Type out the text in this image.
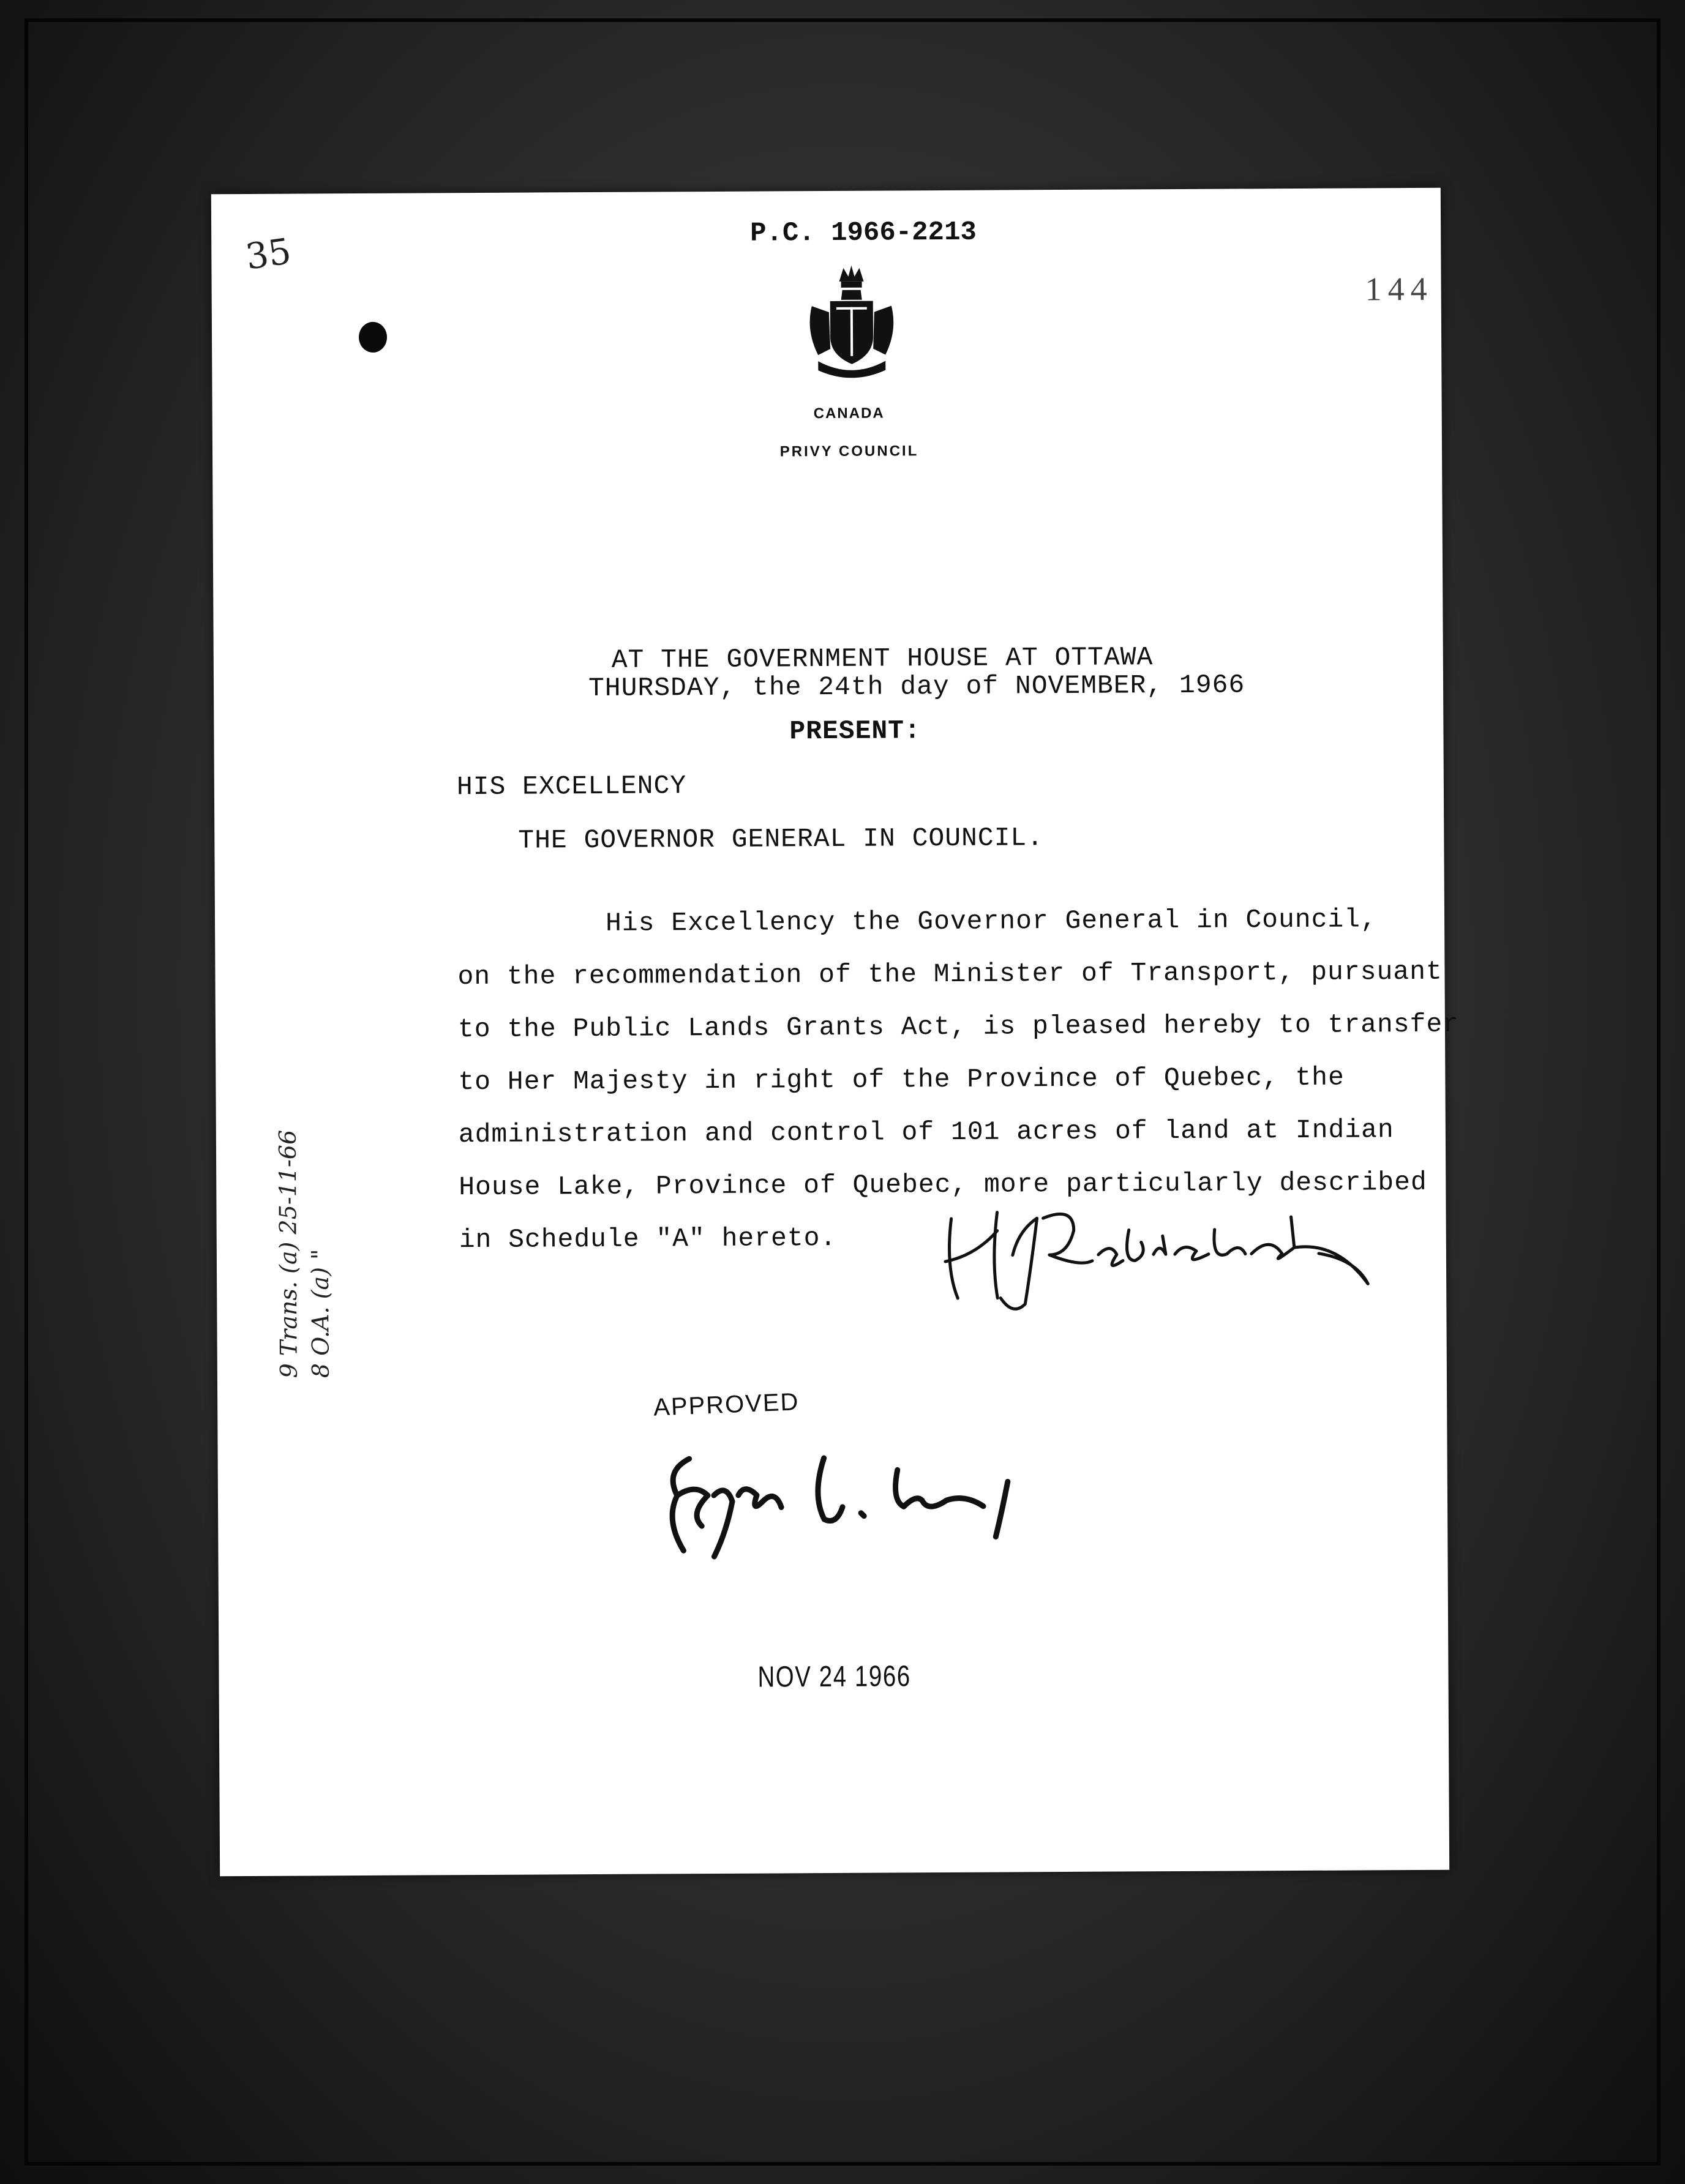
35	P.C. 1966-2213
144
CANADA
PRIVY COUNCIL
AT THE GOVERNMENT HOUSE AT OTTAWA
THURSDAY, the 24th day of NOVEMBER, 1966
PRESENT:
HIS EXCELLENCY
THE GOVERNOR GENERAL IN COUNCIL.
His Excellency the Governor General in Council,
on the recommendation of the Minister of Transport, pursuant
to the Public Lands Grants Act, is pleased hereby to transfer
to Her Majesty in right of the Province of Quebec, the
administration and control of 101 acres of land at Indian
House Lake, Province of Quebec, more particularly described
in Schedule "A" hereto.
9 Trans. (a) 25-11-66 8 O.A. (a) "
APPROVED
NOV 24 1966
